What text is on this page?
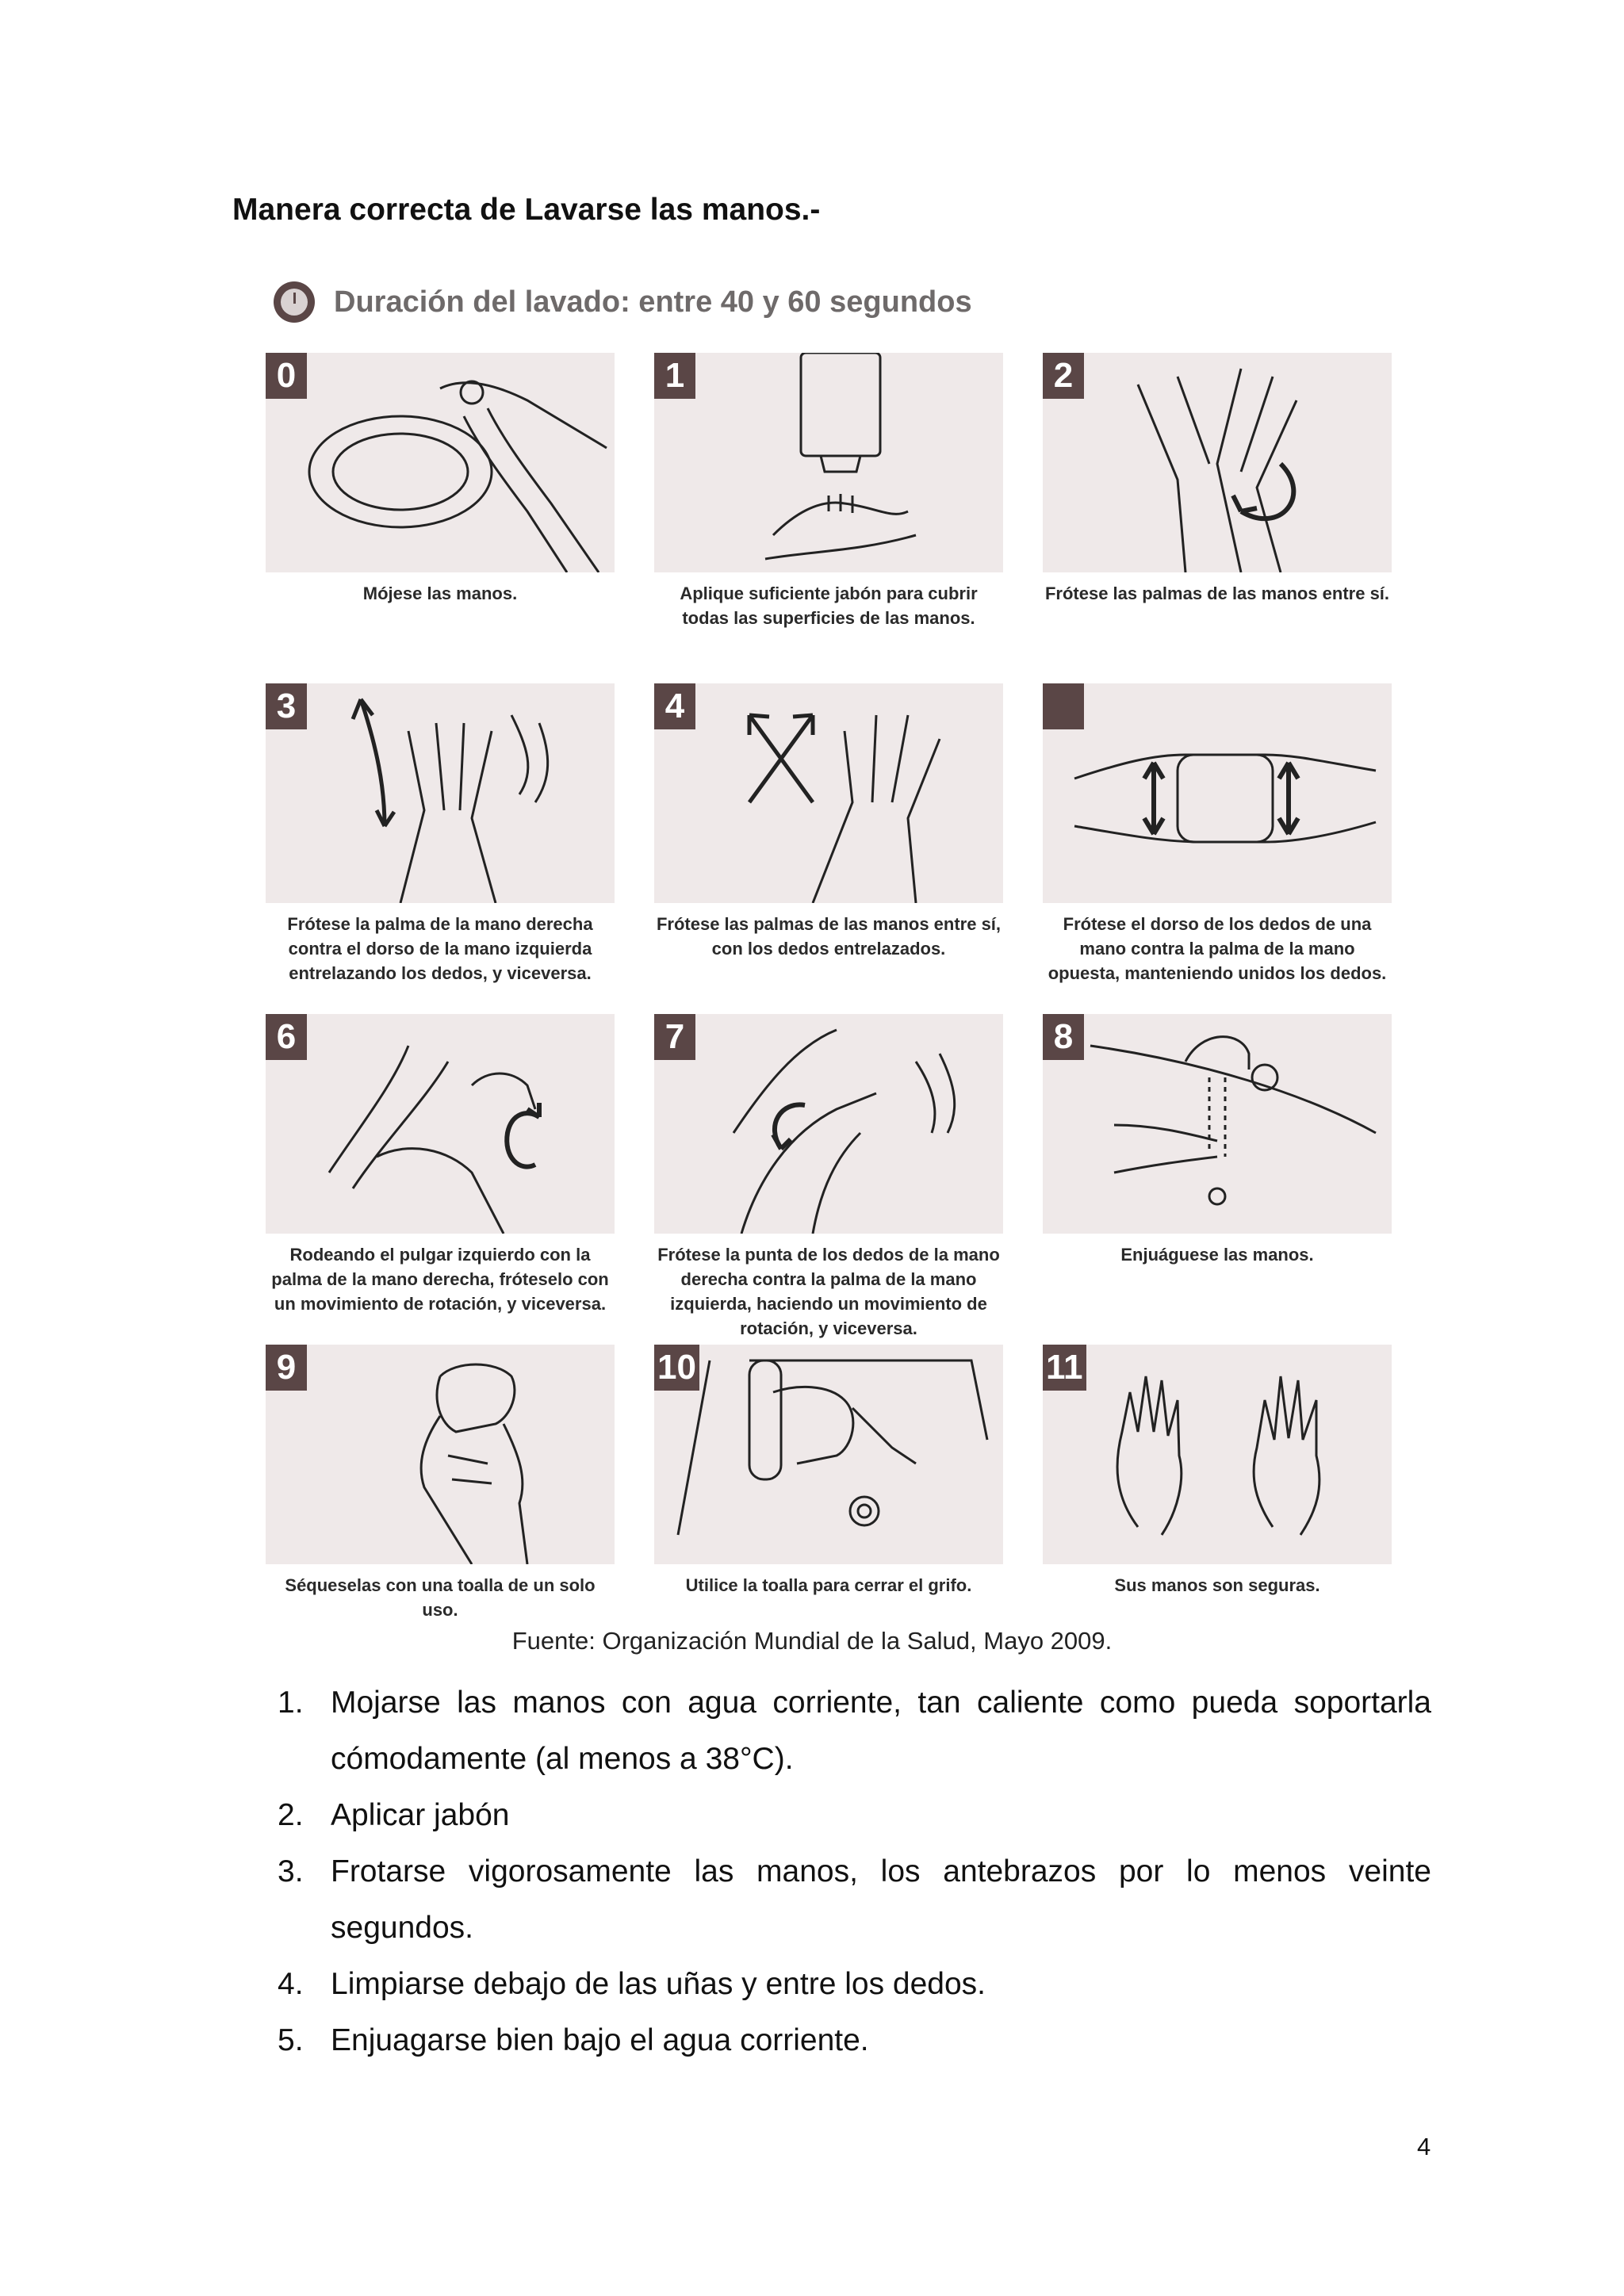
Manera correcta de Lavarse las manos.-
Duración del lavado: entre 40 y 60 segundos
0
Mójese las manos.
1
Aplique suficiente jabón para cubrir todas las superficies de las manos.
2
Frótese las palmas de las manos entre sí.
3
Frótese la palma de la mano derecha contra el dorso de la mano izquierda entrelazando los dedos, y viceversa.
4
Frótese las palmas de las manos entre sí, con los dedos entrelazados.
Frótese el dorso de los dedos de una mano contra la palma de la mano opuesta, manteniendo unidos los dedos.
6
Rodeando el pulgar izquierdo con la palma de la mano derecha, fróteselo con un movimiento de rotación, y viceversa.
7
Frótese la punta de los dedos de la mano derecha contra la palma de la mano izquierda, haciendo un movimiento de rotación, y viceversa.
8
Enjuáguese las manos.
9
Séqueselas con una toalla de un solo uso.
10
Utilice la toalla para cerrar el grifo.
11
Sus manos son seguras.
Fuente: Organización Mundial de la Salud, Mayo 2009.
1. Mojarse las manos con agua corriente, tan caliente como pueda soportarla cómodamente (al menos a 38°C).
2. Aplicar jabón
3. Frotarse vigorosamente las manos, los antebrazos por lo menos veinte segundos.
4. Limpiarse debajo de las uñas y entre los dedos.
5. Enjuagarse bien bajo el agua corriente.
4
